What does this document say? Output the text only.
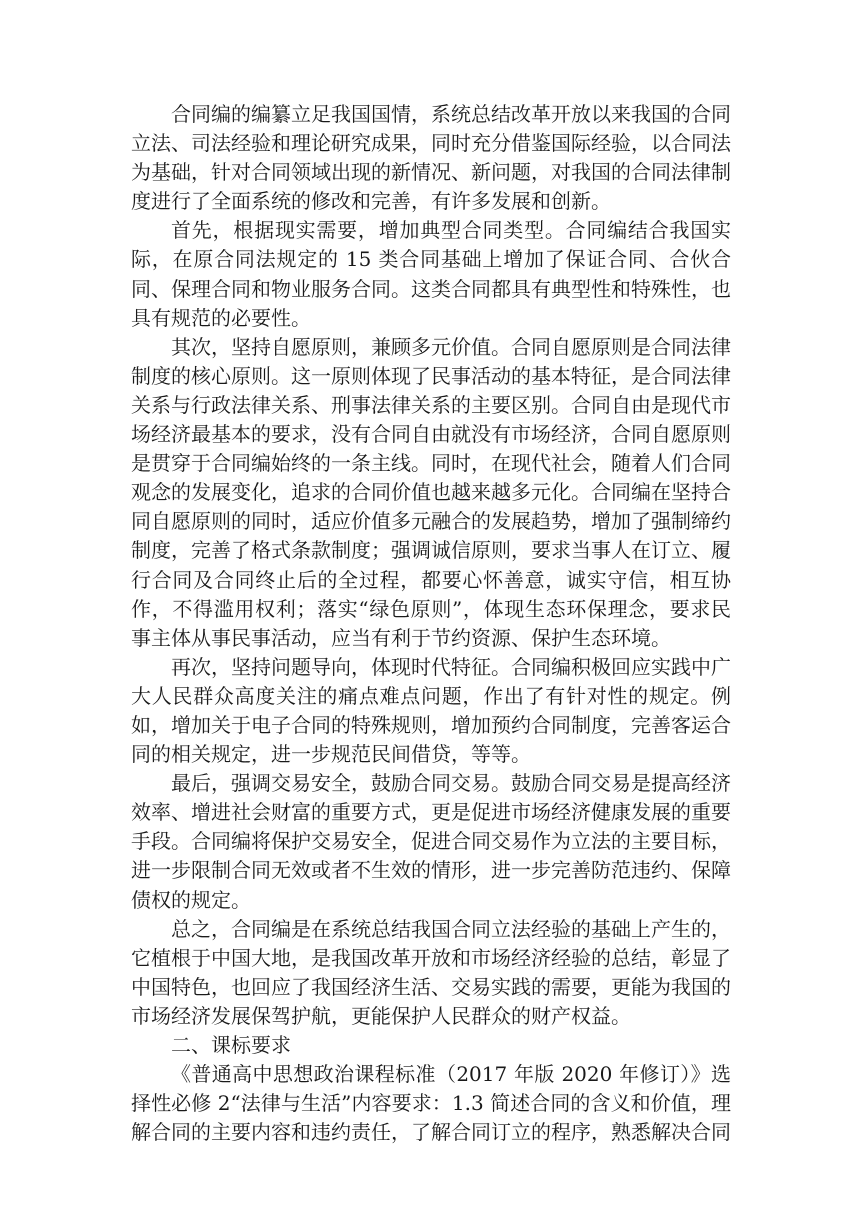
合同编的编纂立足我国国情，系统总结改革开放以来我国的合同立法、司法经验和理论研究成果，同时充分借鉴国际经验，以合同法为基础，针对合同领域出现的新情况、新问题，对我国的合同法律制度进行了全面系统的修改和完善，有许多发展和创新。

首先，根据现实需要，增加典型合同类型。合同编结合我国实际，在原合同法规定的 15 类合同基础上增加了保证合同、合伙合同、保理合同和物业服务合同。这类合同都具有典型性和特殊性，也具有规范的必要性。

其次，坚持自愿原则，兼顾多元价值。合同自愿原则是合同法律制度的核心原则。这一原则体现了民事活动的基本特征，是合同法律关系与行政法律关系、刑事法律关系的主要区别。合同自由是现代市场经济最基本的要求，没有合同自由就没有市场经济，合同自愿原则是贯穿于合同编始终的一条主线。同时，在现代社会，随着人们合同观念的发展变化，追求的合同价值也越来越多元化。合同编在坚持合同自愿原则的同时，适应价值多元融合的发展趋势，增加了强制缔约制度，完善了格式条款制度；强调诚信原则，要求当事人在订立、履行合同及合同终止后的全过程，都要心怀善意，诚实守信，相互协作，不得滥用权利；落实“绿色原则”，体现生态环保理念，要求民事主体从事民事活动，应当有利于节约资源、保护生态环境。

再次，坚持问题导向，体现时代特征。合同编积极回应实践中广大人民群众高度关注的痛点难点问题，作出了有针对性的规定。例如，增加关于电子合同的特殊规则，增加预约合同制度，完善客运合同的相关规定，进一步规范民间借贷，等等。

最后，强调交易安全，鼓励合同交易。鼓励合同交易是提高经济效率、增进社会财富的重要方式，更是促进市场经济健康发展的重要手段。合同编将保护交易安全，促进合同交易作为立法的主要目标，进一步限制合同无效或者不生效的情形，进一步完善防范违约、保障债权的规定。

总之，合同编是在系统总结我国合同立法经验的基础上产生的，它植根于中国大地，是我国改革开放和市场经济经验的总结，彰显了中国特色，也回应了我国经济生活、交易实践的需要，更能为我国的市场经济发展保驾护航，更能保护人民群众的财产权益。

二、课标要求

《普通高中思想政治课程标准（2017 年版 2020 年修订）》选择性必修 2“法律与生活”内容要求：1.3 简述合同的含义和价值，理解合同的主要内容和违约责任，了解合同订立的程序，熟悉解决合同
